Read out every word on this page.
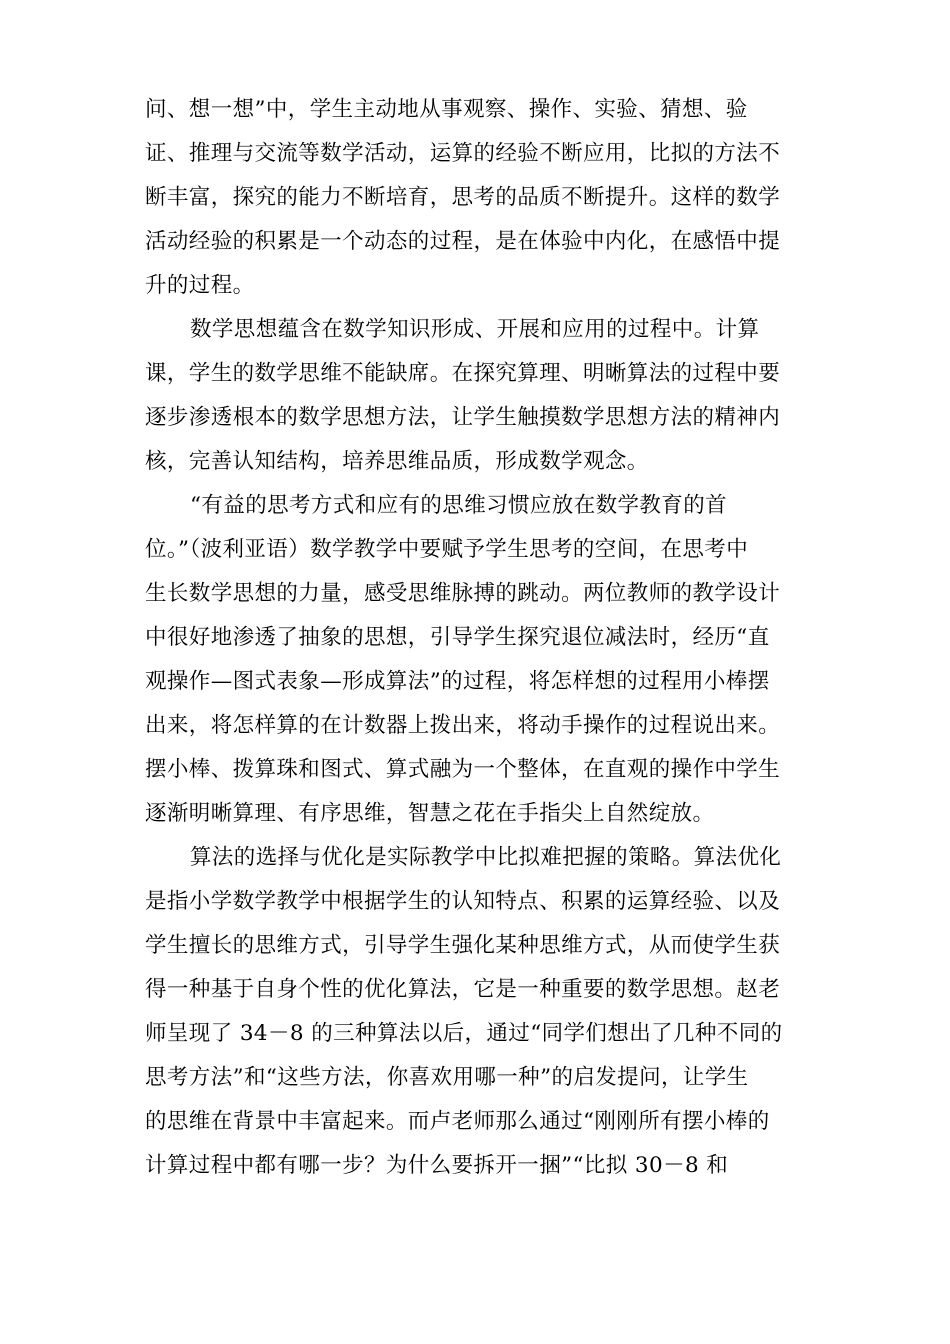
问、想一想”中，学生主动地从事观察、操作、实验、猜想、验
证、推理与交流等数学活动，运算的经验不断应用，比拟的方法不
断丰富，探究的能力不断培育，思考的品质不断提升。这样的数学
活动经验的积累是一个动态的过程，是在体验中内化，在感悟中提
升的过程。
数学思想蕴含在数学知识形成、开展和应用的过程中。计算
课，学生的数学思维不能缺席。在探究算理、明晰算法的过程中要
逐步渗透根本的数学思想方法，让学生触摸数学思想方法的精神内
核，完善认知结构，培养思维品质，形成数学观念。
“有益的思考方式和应有的思维习惯应放在数学教育的首
位。”（波利亚语）数学教学中要赋予学生思考的空间，在思考中
生长数学思想的力量，感受思维脉搏的跳动。两位教师的教学设计
中很好地渗透了抽象的思想，引导学生探究退位减法时，经历“直
观操作—图式表象—形成算法”的过程，将怎样想的过程用小棒摆
出来，将怎样算的在计数器上拨出来，将动手操作的过程说出来。
摆小棒、拨算珠和图式、算式融为一个整体，在直观的操作中学生
逐渐明晰算理、有序思维，智慧之花在手指尖上自然绽放。
算法的选择与优化是实际教学中比拟难把握的策略。算法优化
是指小学数学教学中根据学生的认知特点、积累的运算经验、以及
学生擅长的思维方式，引导学生强化某种思维方式，从而使学生获
得一种基于自身个性的优化算法，它是一种重要的数学思想。赵老
师呈现了 34－8 的三种算法以后，通过“同学们想出了几种不同的
思考方法”和“这些方法，你喜欢用哪一种”的启发提问，让学生
的思维在背景中丰富起来。而卢老师那么通过“刚刚所有摆小棒的
计算过程中都有哪一步？为什么要拆开一捆”“比拟 30－8 和
